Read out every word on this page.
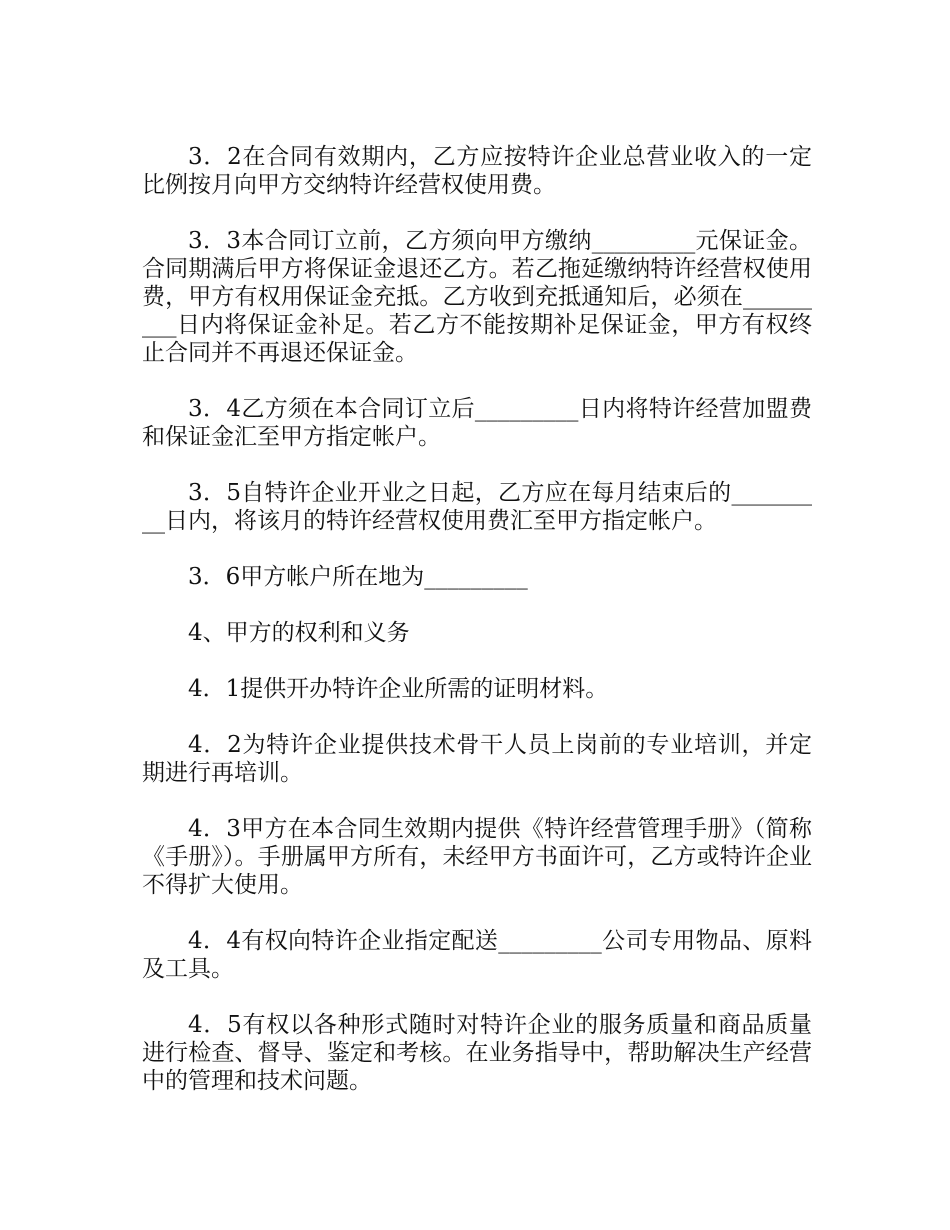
3．2在合同有效期内，乙方应按特许企业总营业收入的一定比例按月向甲方交纳特许经营权使用费。

3．3本合同订立前，乙方须向甲方缴纳_________元保证金。合同期满后甲方将保证金退还乙方。若乙拖延缴纳特许经营权使用费，甲方有权用保证金充抵。乙方收到充抵通知后，必须在_________日内将保证金补足。若乙方不能按期补足保证金，甲方有权终止合同并不再退还保证金。

3．4乙方须在本合同订立后_________日内将特许经营加盟费和保证金汇至甲方指定帐户。

3．5自特许企业开业之日起，乙方应在每月结束后的_________日内，将该月的特许经营权使用费汇至甲方指定帐户。

3．6甲方帐户所在地为_________

4、甲方的权利和义务

4．1提供开办特许企业所需的证明材料。

4．2为特许企业提供技术骨干人员上岗前的专业培训，并定期进行再培训。

4．3甲方在本合同生效期内提供《特许经营管理手册》（简称《手册》）。手册属甲方所有，未经甲方书面许可，乙方或特许企业不得扩大使用。

4．4有权向特许企业指定配送_________公司专用物品、原料及工具。

4．5有权以各种形式随时对特许企业的服务质量和商品质量进行检查、督导、鉴定和考核。在业务指导中，帮助解决生产经营中的管理和技术问题。
